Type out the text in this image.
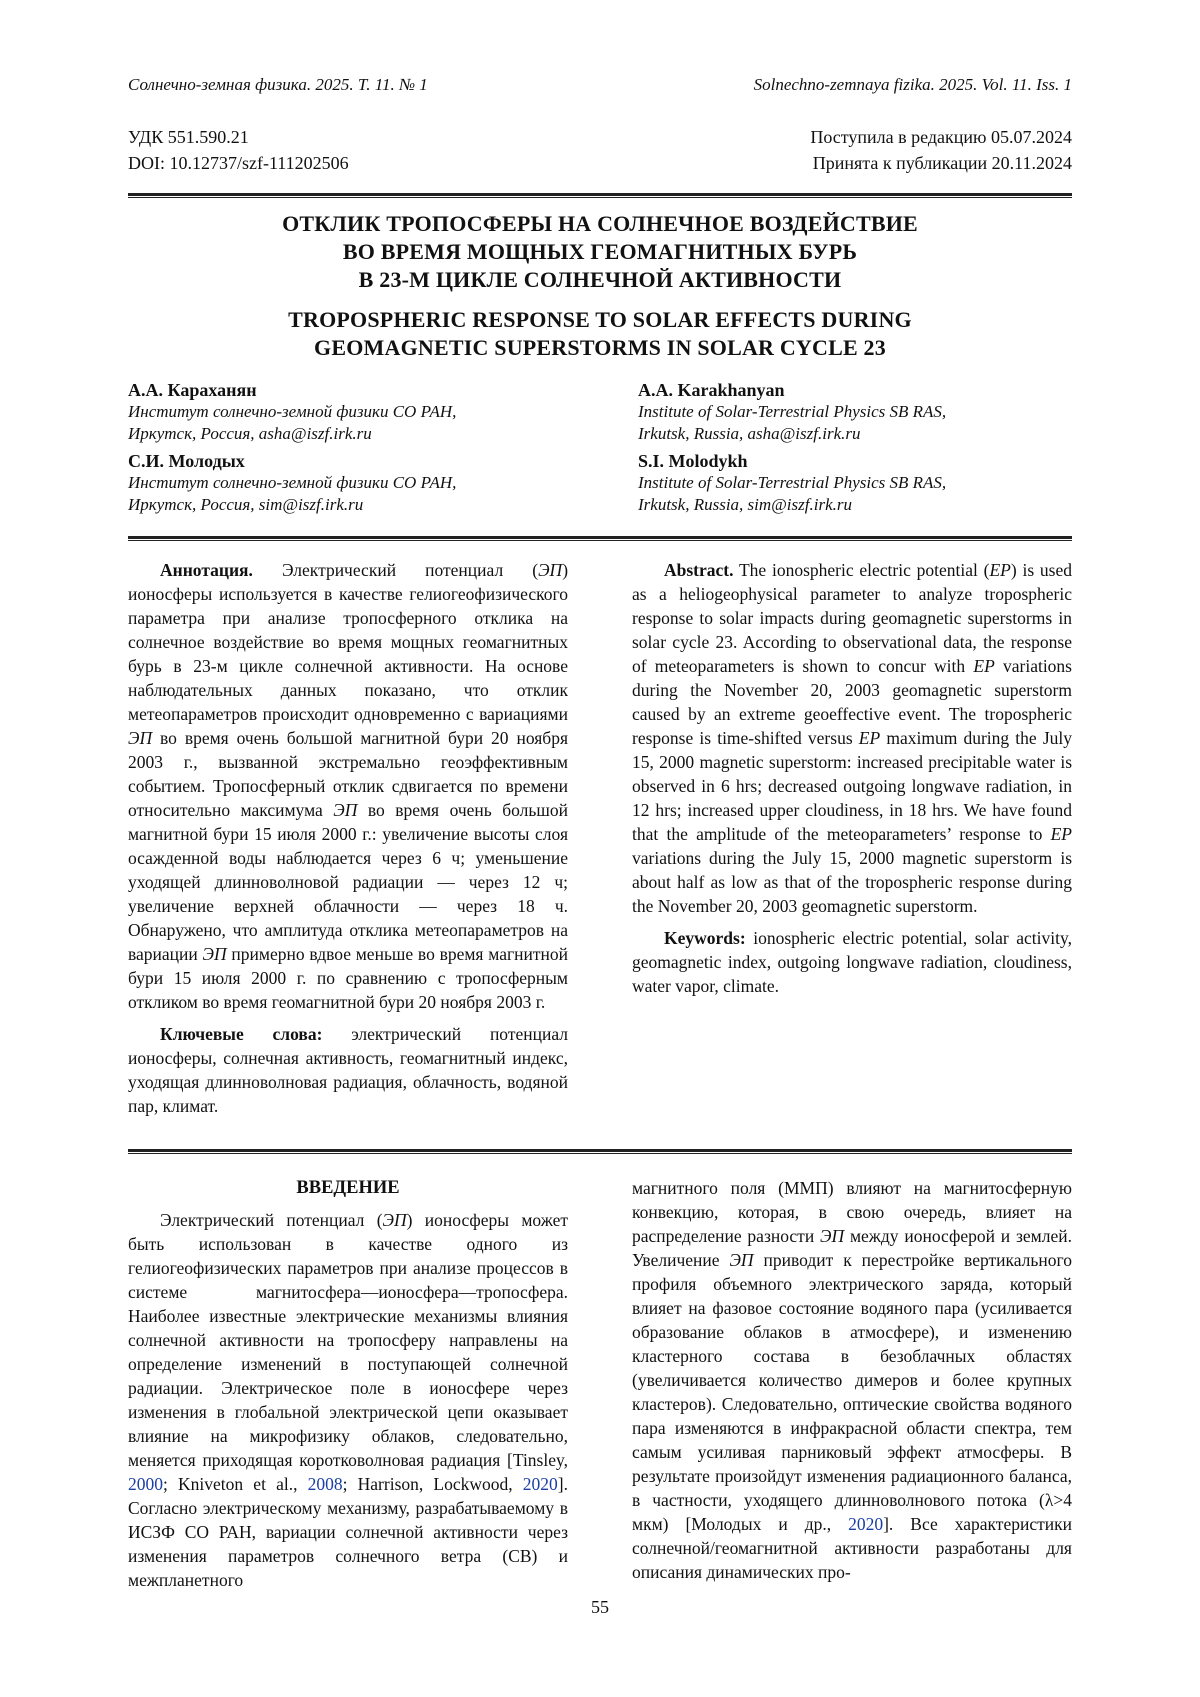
Солнечно-земная физика. 2025. Т. 11. № 1	Solnechno-zemnaya fizika. 2025. Vol. 11. Iss. 1
УДК 551.590.21
DOI: 10.12737/szf-111202506
Поступила в редакцию 05.07.2024
Принята к публикации 20.11.2024
ОТКЛИК ТРОПОСФЕРЫ НА СОЛНЕЧНОЕ ВОЗДЕЙСТВИЕ
ВО ВРЕМЯ МОЩНЫХ ГЕОМАГНИТНЫХ БУРЬ
В 23-М ЦИКЛЕ СОЛНЕЧНОЙ АКТИВНОСТИ
TROPOSPHERIC RESPONSE TO SOLAR EFFECTS DURING
GEOMAGNETIC SUPERSTORMS IN SOLAR CYCLE 23
А.А. Караханян
Институт солнечно-земной физики СО РАН,
Иркутск, Россия, asha@iszf.irk.ru
С.И. Молодых
Институт солнечно-земной физики СО РАН,
Иркутск, Россия, sim@iszf.irk.ru
A.A. Karakhanyan
Institute of Solar-Terrestrial Physics SB RAS,
Irkutsk, Russia, asha@iszf.irk.ru
S.I. Molodykh
Institute of Solar-Terrestrial Physics SB RAS,
Irkutsk, Russia, sim@iszf.irk.ru

Аннотация. Электрический потенциал (ЭП) ионосферы используется в качестве гелиогеофизического параметра при анализе тропосферного отклика на солнечное воздействие во время мощных геомагнитных бурь в 23-м цикле солнечной активности. На основе наблюдательных данных показано, что отклик метеопараметров происходит одновременно с вариациями ЭП во время очень большой магнитной бури 20 ноября 2003 г., вызванной экстремально геоэффективным событием. Тропосферный отклик сдвигается по времени относительно максимума ЭП во время очень большой магнитной бури 15 июля 2000 г.: увеличение высоты слоя осажденной воды наблюдается через 6 ч; уменьшение уходящей длинноволновой радиации — через 12 ч; увеличение верхней облачности — через 18 ч. Обнаружено, что амплитуда отклика метеопараметров на вариации ЭП примерно вдвое меньше во время магнитной бури 15 июля 2000 г. по сравнению с тропосферным откликом во время геомагнитной бури 20 ноября 2003 г.

Ключевые слова: электрический потенциал ионосферы, солнечная активность, геомагнитный индекс, уходящая длинноволновая радиация, облачность, водяной пар, климат.

Abstract. The ionospheric electric potential (EP) is used as a heliogeophysical parameter to analyze tropospheric response to solar impacts during geomagnetic superstorms in solar cycle 23. According to observational data, the response of meteoparameters is shown to concur with EP variations during the November 20, 2003 geomagnetic superstorm caused by an extreme geoeffective event. The tropospheric response is time-shifted versus EP maximum during the July 15, 2000 magnetic superstorm: increased precipitable water is observed in 6 hrs; decreased outgoing longwave radiation, in 12 hrs; increased upper cloudiness, in 18 hrs. We have found that the amplitude of the meteoparameters’ response to EP variations during the July 15, 2000 magnetic superstorm is about half as low as that of the tropospheric response during the November 20, 2003 geomagnetic superstorm.

Keywords: ionospheric electric potential, solar activity, geomagnetic index, outgoing longwave radiation, cloudiness, water vapor, climate.

ВВЕДЕНИЕ

Электрический потенциал (ЭП) ионосферы может быть использован в качестве одного из гелиогеофизических параметров при анализе процессов в системе магнитосфера—ионосфера—тропосфера. Наиболее известные электрические механизмы влияния солнечной активности на тропосферу направлены на определение изменений в поступающей солнечной радиации. Электрическое поле в ионосфере через изменения в глобальной электрической цепи оказывает влияние на микрофизику облаков, следовательно, меняется приходящая коротковолновая радиация [Tinsley, 2000; Kniveton et al., 2008; Harrison, Lockwood, 2020]. Согласно электрическому механизму, разрабатываемому в ИСЗФ СО РАН, вариации солнечной активности через изменения параметров солнечного ветра (СВ) и межпланетного

магнитного поля (ММП) влияют на магнитосферную конвекцию, которая, в свою очередь, влияет на распределение разности ЭП между ионосферой и землей. Увеличение ЭП приводит к перестройке вертикального профиля объемного электрического заряда, который влияет на фазовое состояние водяного пара (усиливается образование облаков в атмосфере), и изменению кластерного состава в безоблачных областях (увеличивается количество димеров и более крупных кластеров). Следовательно, оптические свойства водяного пара изменяются в инфракрасной области спектра, тем самым усиливая парниковый эффект атмосферы. В результате произойдут изменения радиационного баланса, в частности, уходящего длинноволнового потока (λ>4 мкм) [Молодых и др., 2020]. Все характеристики солнечной/геомагнитной активности разработаны для описания динамических про-

55
